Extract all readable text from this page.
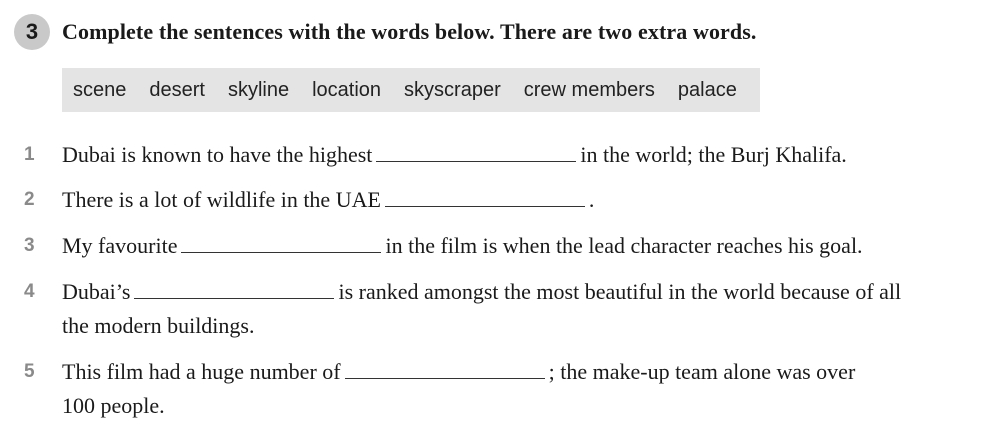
3	Complete the sentences with the words below. There are two extra words.
scene desert skyline location skyscraper crew members palace
1	Dubai is known to have the highest	in the world; the Burj Khalifa.
2	There is a lot of wildlife in the UAE	.
3	My favourite	in the film is when the lead character reaches his goal.
4	Dubai’s	is ranked amongst the most beautiful in the world because of all
the modern buildings.
5	This film had a huge number of	; the make-up team alone was over
100 people.
